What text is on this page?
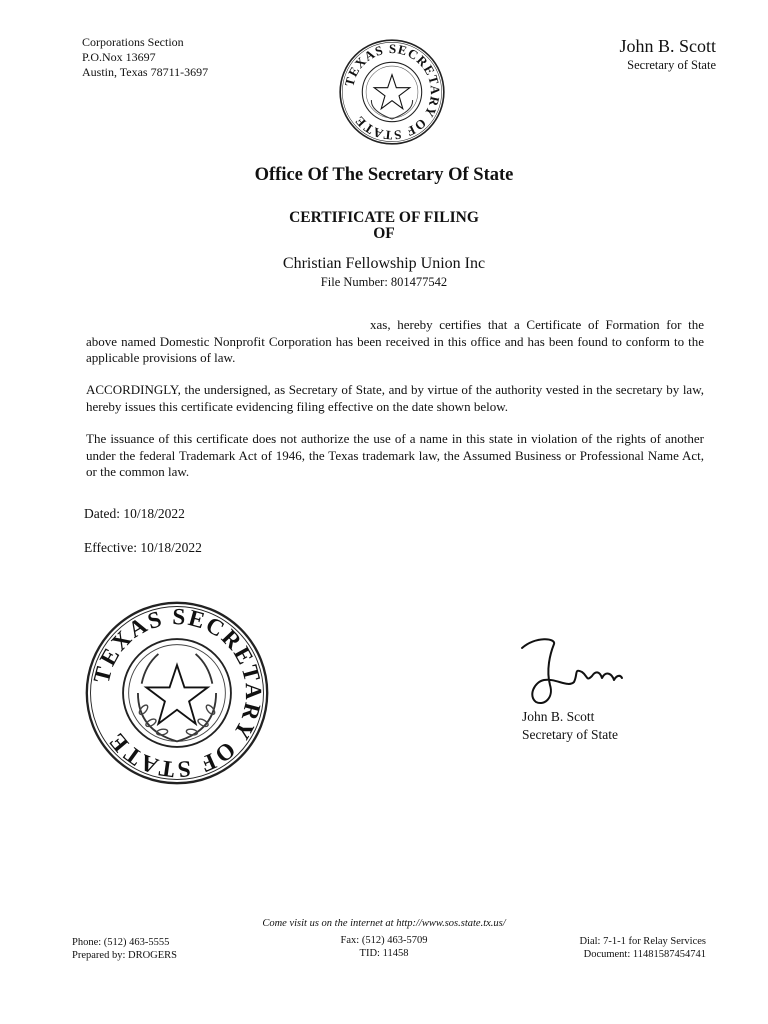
Corporations Section
P.O.Nox 13697
Austin, Texas 78711-3697
TEXAS SECRETARY OF STATE
John B. Scott
Secretary of State
Office Of The Secretary Of State
CERTIFICATE OF FILING
OF
Christian Fellowship Union Inc
File Number: 801477542
xas, hereby certifies that a Certificate of Formation for the above named Domestic Nonprofit Corporation has been received in this office and has been found to conform to the applicable provisions of law.
ACCORDINGLY, the undersigned, as Secretary of State, and by virtue of the authority vested in the secretary by law, hereby issues this certificate evidencing filing effective on the date shown below.
The issuance of this certificate does not authorize the use of a name in this state in violation of the rights of another under the federal Trademark Act of 1946, the Texas trademark law, the Assumed Business or Professional Name Act, or the common law.
Dated: 10/18/2022
Effective: 10/18/2022
TEXAS SECRETARY OF STATE
John B. Scott
Secretary of State
Come visit us on the internet at http://www.sos.state.tx.us/
Phone: (512) 463-5555
Prepared by: DROGERS
Fax: (512) 463-5709
TID: 11458
Dial: 7-1-1 for Relay Services
Document: 1148158745474​1
